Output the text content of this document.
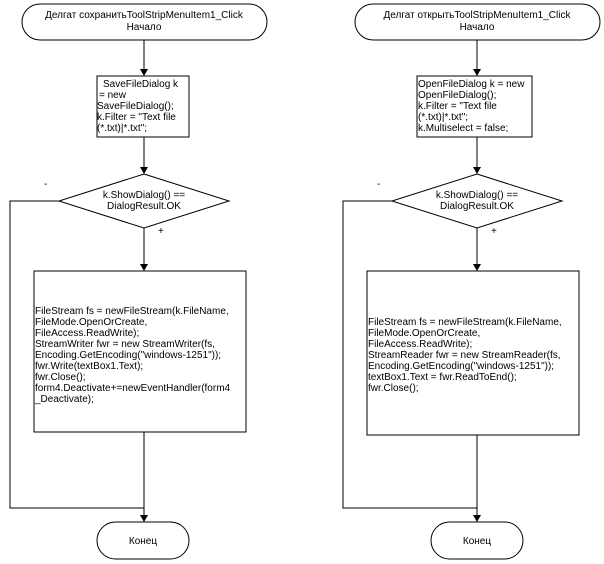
Делгат сохранитьToolStripMenuItem1_Click
Начало
SaveFileDialog k
= new
SaveFileDialog();
k.Filter = "Text file
(*.txt)|*.txt";
k.ShowDialog() ==
DialogResult.OK
-
+
FileStream fs = newFileStream(k.FileName,
FileMode.OpenOrCreate,
FileAccess.ReadWrite);
StreamWriter fwr = new StreamWriter(fs,
Encoding.GetEncoding("windows-1251"));
fwr.Write(textBox1.Text);
fwr.Close();
form4.Deactivate+=newEventHandler(form4
_Deactivate);
Конец
Делгат открытьToolStripMenuItem1_Click
Начало
OpenFileDialog k = new
OpenFileDialog();
k.Filter = "Text file
(*.txt)|*.txt";
k.Multiselect = false;
k.ShowDialog() ==
DialogResult.OK
-
+
FileStream fs = newFileStream(k.FileName,
FileMode.OpenOrCreate,
FileAccess.ReadWrite);
StreamReader fwr = new StreamReader(fs,
Encoding.GetEncoding("windows-1251"));
textBox1.Text = fwr.ReadToEnd();
fwr.Close();
Конец
